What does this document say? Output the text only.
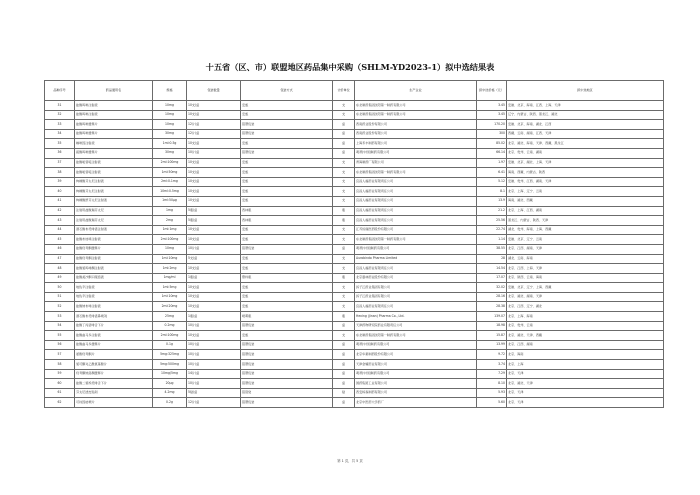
十五省（区、市）联盟地区药品集中采购（SHLM-YD2023-1）拟中选结果表
品种序号	药品通用名	规格	包装数量	包装方式	计价单位	生产企业	拟中选价格（元）	拟中选地区
31	盐酸吗啡注射液	10mg	10支/盒	安瓿	支	东北制药集团沈阳第一制药有限公司	3.45	安徽、北京、海南、江西、上海、天津
32	盐酸吗啡注射液	10mg	10支/盒	安瓿	支	东北制药集团沈阳第一制药有限公司	3.45	辽宁、内蒙古、陕西、黑龙江、湖北
33	盐酸吗啡缓释片	10mg	12片/盒	铝塑包装	盒	西南药业股份有限公司	170.20	安徽、北京、海南、湖北、江西
34	盐酸吗啡缓释片	30mg	12片/盒	铝塑包装	盒	西南药业股份有限公司	300	西藏、云南、湖南、江西、天津
35	咖啡因注射液	1ml:0.5g	10支/盒	安瓿	盒	上海禾丰制药有限公司	85.02	北京、湖北、海南、天津、西藏、黑龙江
36	硫酸吗啡缓释片	30mg	10片/盒	铝塑包装	盒	萌蒂(中国)制药有限公司	66.14	北京、贵州、云南、湖南
37	盐酸哌替啶注射液	2ml:100mg	10支/盒	安瓿	支	青海制药厂有限公司	1.97	安徽、北京、湖北、上海、天津
38	盐酸哌替啶注射液	1ml:50mg	10支/盒	安瓿	支	东北制药集团沈阳第一制药有限公司	6.41	海南、西藏、内蒙古、陕西
39	枸橼酸芬太尼注射液	2ml:0.1mg	10支/盒	安瓿	支	宜昌人福药业有限责任公司	5.12	安徽、贵州、江西、湖南、天津
40	枸橼酸芬太尼注射液	10ml:0.5mg	10支/盒	安瓿	支	宜昌人福药业有限责任公司	8.1	北京、上海、辽宁、云南
41	枸橼酸舒芬太尼注射液	1ml:50μg	10支/盒	安瓿	支	宜昌人福药业有限责任公司	13.9	海南、湖北、西藏
42	注射用盐酸瑞芬太尼	1mg	5瓶/盒	西林瓶	瓶	宜昌人福药业有限责任公司	21.2	北京、上海、江西、湖南
43	注射用盐酸瑞芬太尼	2mg	5瓶/盒	西林瓶	瓶	宜昌人福药业有限责任公司	25.56	黑龙江、内蒙古、陕西、天津
44	酒石酸布托啡诺注射液	1ml:1mg	10支/盒	安瓿	支	江苏恒瑞医药股份有限公司	22.74	湖北、贵州、海南、上海、西藏
45	盐酸布桂嗪注射液	2ml:100mg	10支/盒	安瓿	支	东北制药集团沈阳第一制药有限公司	1.14	安徽、北京、辽宁、云南
46	盐酸羟考酮缓释片	10mg	10片/盒	铝塑包装	盒	萌蒂(中国)制药有限公司	38.55	北京、江西、湖南、天津
47	盐酸羟考酮注射液	1ml:10mg	5支/盒	安瓿	支	Aurobindo Pharma Limited	28	湖北、云南、海南
48	盐酸氢吗啡酮注射液	1ml:2mg	10支/盒	安瓿	支	宜昌人福药业有限责任公司	14.54	北京、江西、上海、天津
49	盐酸美沙酮口服溶液	1mg/ml	1瓶/盒	塑料瓶	瓶	北京嘉林药业股份有限公司	17.07	北京、陕西、云南、海南
50	地佐辛注射液	1ml:5mg	10支/盒	安瓿	支	扬子江药业集团有限公司	32.02	安徽、北京、辽宁、上海、西藏
51	地佐辛注射液	1ml:10mg	10支/盒	安瓿	支	扬子江药业集团有限公司	28.16	北京、湖北、湖南、天津
52	盐酸纳布啡注射液	2ml:20mg	10支/盒	安瓿	支	宜昌人福药业有限责任公司	28.38	北京、江西、辽宁、湖北
53	酒石酸布托啡诺鼻喷剂	25mg	1瓶/盒	喷雾瓶	瓶	Hexing (Jinan) Pharma Co., Ltd.	139.07	北京、上海、海南
54	盐酸丁丙诺啡舌下片	0.2mg	10片/盒	铝塑包装	盒	天津药物研究院药业有限责任公司	18.98	北京、贵州、云南
55	盐酸曲马多注射液	2ml:100mg	10支/盒	安瓿	支	东北制药集团沈阳第一制药有限公司	15.87	北京、湖北、天津、西藏
56	盐酸曲马多缓释片	0.1g	10片/盒	铝塑包装	盒	萌蒂(中国)制药有限公司	13.99	北京、江西、湖南
57	氨酚羟考酮片	5mg:325mg	10片/盒	铝塑包装	盒	北京华素制药股份有限公司	9.72	北京、海南
58	氢可酮对乙酰氨基酚片	5mg:500mg	10片/盒	铝塑包装	盒	天津金耀药业有限公司	3.74	北京、上海
59	羟考酮纳洛酮缓释片	10mg/5mg	14片/盒	铝塑包装	盒	萌蒂(中国)制药有限公司	7.29	北京、天津
60	盐酸二氢埃托啡舌下片	20μg	10片/盒	铝塑包装	盒	国药集团工业有限公司	8.10	北京、湖北、天津
61	芬太尼透皮贴剂	4.2mg	5贴/盒	铝箔袋	贴	西安杨森制药有限公司	5.93	北京、天津
62	可待因桔梗片	0.2g	12片/盒	铝塑包装	盒	北京中医药大学药厂	5.60	北京、天津
第 1 页，共 5 页
